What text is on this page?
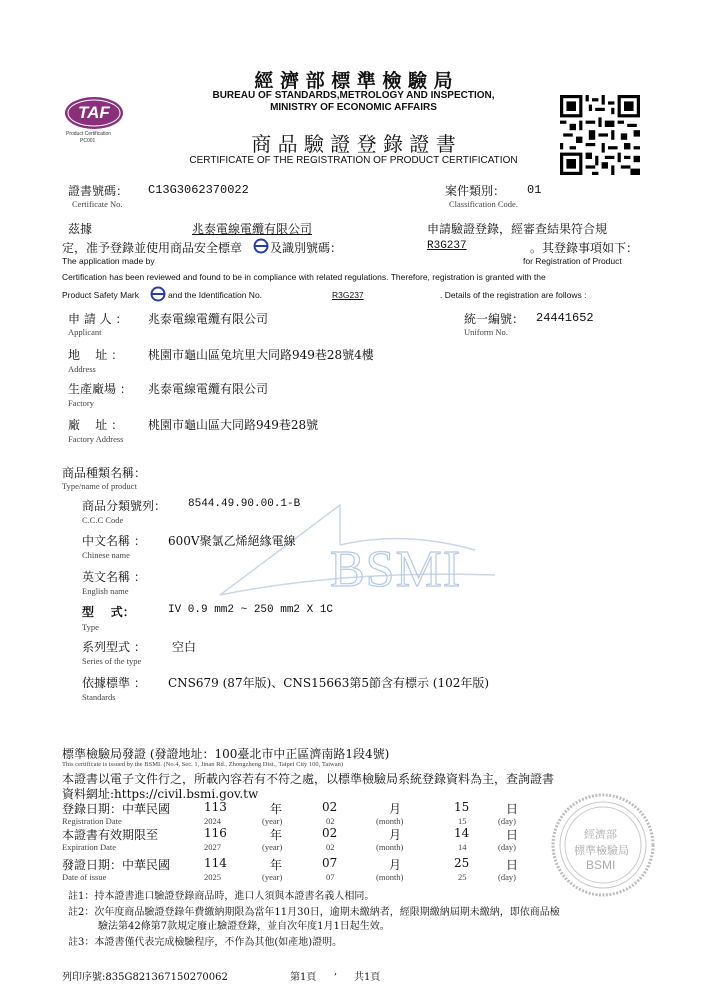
TAF
Product Certification
PC001
經 濟 部 標 準 檢 驗 局
BUREAU OF STANDARDS,METROLOGY AND INSPECTION,
MINISTRY OF ECONOMIC AFFAIRS
商 品 驗 證 登 錄 證 書
CERTIFICATE OF THE REGISTRATION OF PRODUCT CERTIFICATION
證書號碼： C13G3062370022
Certificate No.
案件類別： 01
Classification Code.
茲據	兆泰電線電纜有限公司	申請驗證登錄，經審查結果符合規
定，准予登錄並使用商品安全標章 及識別號碼：	R3G237	。其登錄事項如下：
The application made by	for Registration of Product
Certification has been reviewed and found to be in compliance with related regulations. Therefore, registration is granted with the
Product Safety Mark	and the Identification No.	R3G237	. Details of the registration are follows :
申 請 人 ： 兆泰電線電纜有限公司
Applicant
統一編號： 24441652
Uniform No.
地    址 ： 桃園市龜山區兔坑里大同路949巷28號4樓
Address
生產廠場 ： 兆泰電線電纜有限公司
Factory
廠    址 ： 桃園市龜山區大同路949巷28號
Factory Address
BSMI
商品種類名稱：
Type/name of product
商品分類號列： 8544.49.90.00.1-B
C.C.C Code
中文名稱 ： 600V聚氯乙烯絕緣電線
Chinese name
英文名稱 ：
English name
型    式：	IV 0.9 mm2 ~ 250 mm2 X 1C
Type
系列型式 ： 空白
Series of the type
依據標準 ： CNS679 (87年版)、CNS15663第5節含有標示 (102年版)
Standards
標準檢驗局發證 (發證地址：100臺北市中正區濟南路1段4號)
This certificate is issued by the BSMI. (No.4, Sec. 1, Jinan Rd., Zhongzheng Dist., Taipei City 100, Taiwan)
本證書以電子文件行之，所載內容若有不符之處，以標準檢驗局系統登錄資料為主，查詢證書
資料網址:https://civil.bsmi.gov.tw
登錄日期：中華民國	113	年	02	月	15	日
Registration Date	2024	(year)	02	(month)	15	(day)
本證書有效期限至	116	年	02	月	14	日
Expiration Date	2027	(year)	02	(month)	14	(day)
發證日期：中華民國	114	年	07	月	25	日
Date of issue	2025	(year)	07	(month)	25	(day)
經濟部
標準檢驗局
BSMI
註1：持本證書進口驗證登錄商品時，進口人須與本證書名義人相同。
註2：次年度商品驗證登錄年費繳納期限為當年11月30日，逾期未繳納者，經限期繳納屆期未繳納，即依商品檢
驗法第42條第7款規定廢止驗證登錄，並自次年度1月1日起生效。
註3：本證書僅代表完成檢驗程序，不作為其他(如產地)證明。
列印序號:835G821367150270062	第1頁
,
共1頁
